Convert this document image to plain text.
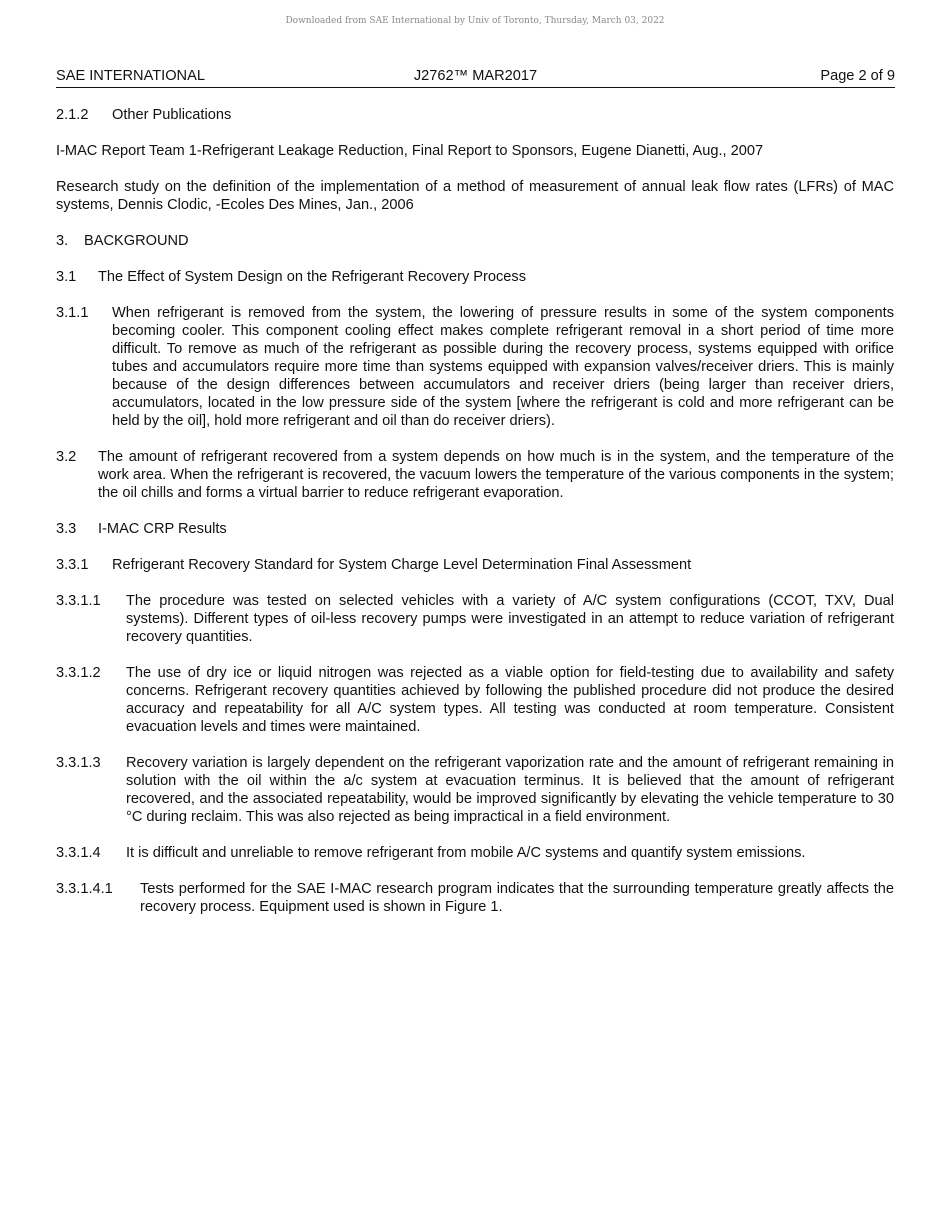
Downloaded from SAE International by Univ of Toronto, Thursday, March 03, 2022
SAE INTERNATIONAL	J2762™ MAR2017	Page 2 of 9
2.1.2	Other Publications

I-MAC Report Team 1-Refrigerant Leakage Reduction, Final Report to Sponsors, Eugene Dianetti, Aug., 2007

Research study on the definition of the implementation of a method of measurement of annual leak flow rates (LFRs) of MAC systems, Dennis Clodic, -Ecoles Des Mines, Jan., 2006

3.	BACKGROUND
3.1	The Effect of System Design on the Refrigerant Recovery Process
3.1.1	When refrigerant is removed from the system, the lowering of pressure results in some of the system components becoming cooler. This component cooling effect makes complete refrigerant removal in a short period of time more difficult. To remove as much of the refrigerant as possible during the recovery process, systems equipped with orifice tubes and accumulators require more time than systems equipped with expansion valves/receiver driers. This is mainly because of the design differences between accumulators and receiver driers (being larger than receiver driers, accumulators, located in the low pressure side of the system [where the refrigerant is cold and more refrigerant can be held by the oil], hold more refrigerant and oil than do receiver driers).
3.2	The amount of refrigerant recovered from a system depends on how much is in the system, and the temperature of the work area. When the refrigerant is recovered, the vacuum lowers the temperature of the various components in the system; the oil chills and forms a virtual barrier to reduce refrigerant evaporation.
3.3	I-MAC CRP Results
3.3.1	Refrigerant Recovery Standard for System Charge Level Determination Final Assessment
3.3.1.1	The procedure was tested on selected vehicles with a variety of A/C system configurations (CCOT, TXV, Dual systems). Different types of oil-less recovery pumps were investigated in an attempt to reduce variation of refrigerant recovery quantities.
3.3.1.2	The use of dry ice or liquid nitrogen was rejected as a viable option for field-testing due to availability and safety concerns. Refrigerant recovery quantities achieved by following the published procedure did not produce the desired accuracy and repeatability for all A/C system types. All testing was conducted at room temperature. Consistent evacuation levels and times were maintained.
3.3.1.3	Recovery variation is largely dependent on the refrigerant vaporization rate and the amount of refrigerant remaining in solution with the oil within the a/c system at evacuation terminus. It is believed that the amount of refrigerant recovered, and the associated repeatability, would be improved significantly by elevating the vehicle temperature to 30 °C during reclaim. This was also rejected as being impractical in a field environment.
3.3.1.4	It is difficult and unreliable to remove refrigerant from mobile A/C systems and quantify system emissions.
3.3.1.4.1	Tests performed for the SAE I-MAC research program indicates that the surrounding temperature greatly affects the recovery process. Equipment used is shown in Figure 1.
